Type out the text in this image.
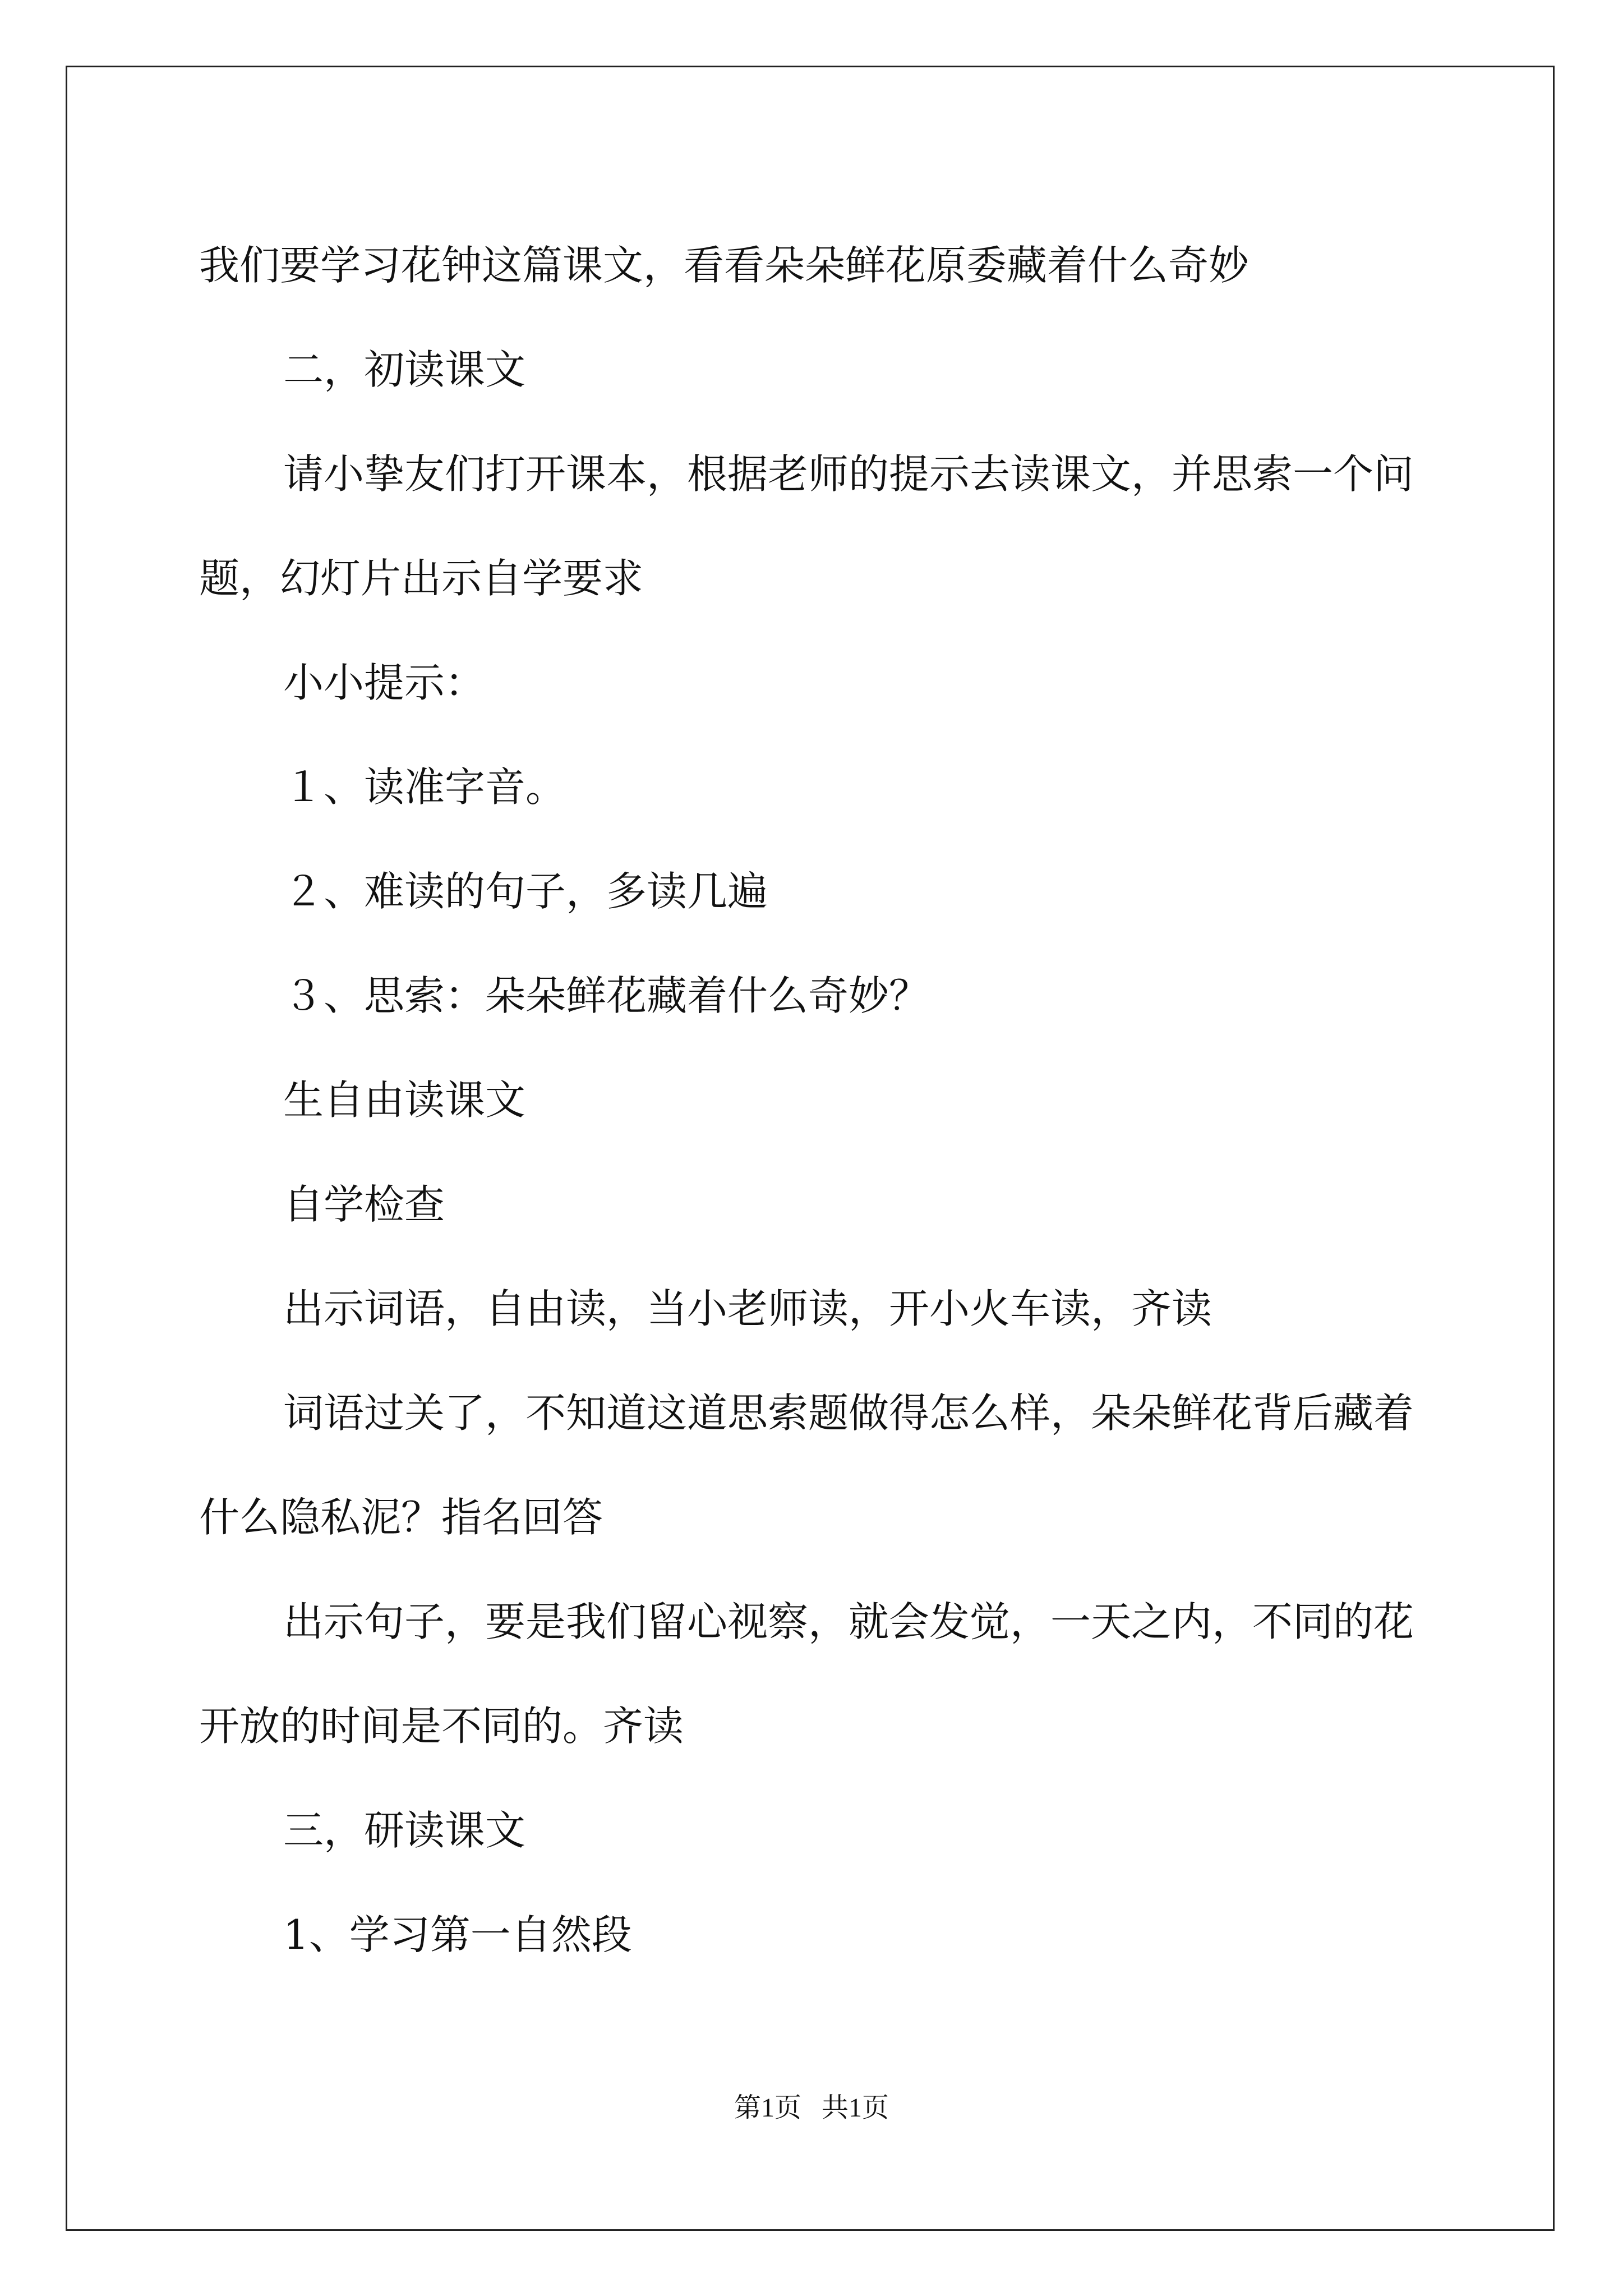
我们要学习花钟这篇课文，看看朵朵鲜花原委藏着什么奇妙

二，初读课文

请小挚友们打开课本，根据老师的提示去读课文，并思索一个问题，幻灯片出示自学要求

小小提示：

１、读准字音。

２、难读的句子，多读几遍

３、思索：朵朵鲜花藏着什么奇妙？

生自由读课文

自学检查

出示词语，自由读，当小老师读，开小火车读，齐读

词语过关了，不知道这道思索题做得怎么样，朵朵鲜花背后藏着什么隐私泥？指名回答

出示句子，要是我们留心视察，就会发觉，一天之内，不同的花开放的时间是不同的。齐读

三，研读课文

1、学习第一自然段

第1页 共1页
